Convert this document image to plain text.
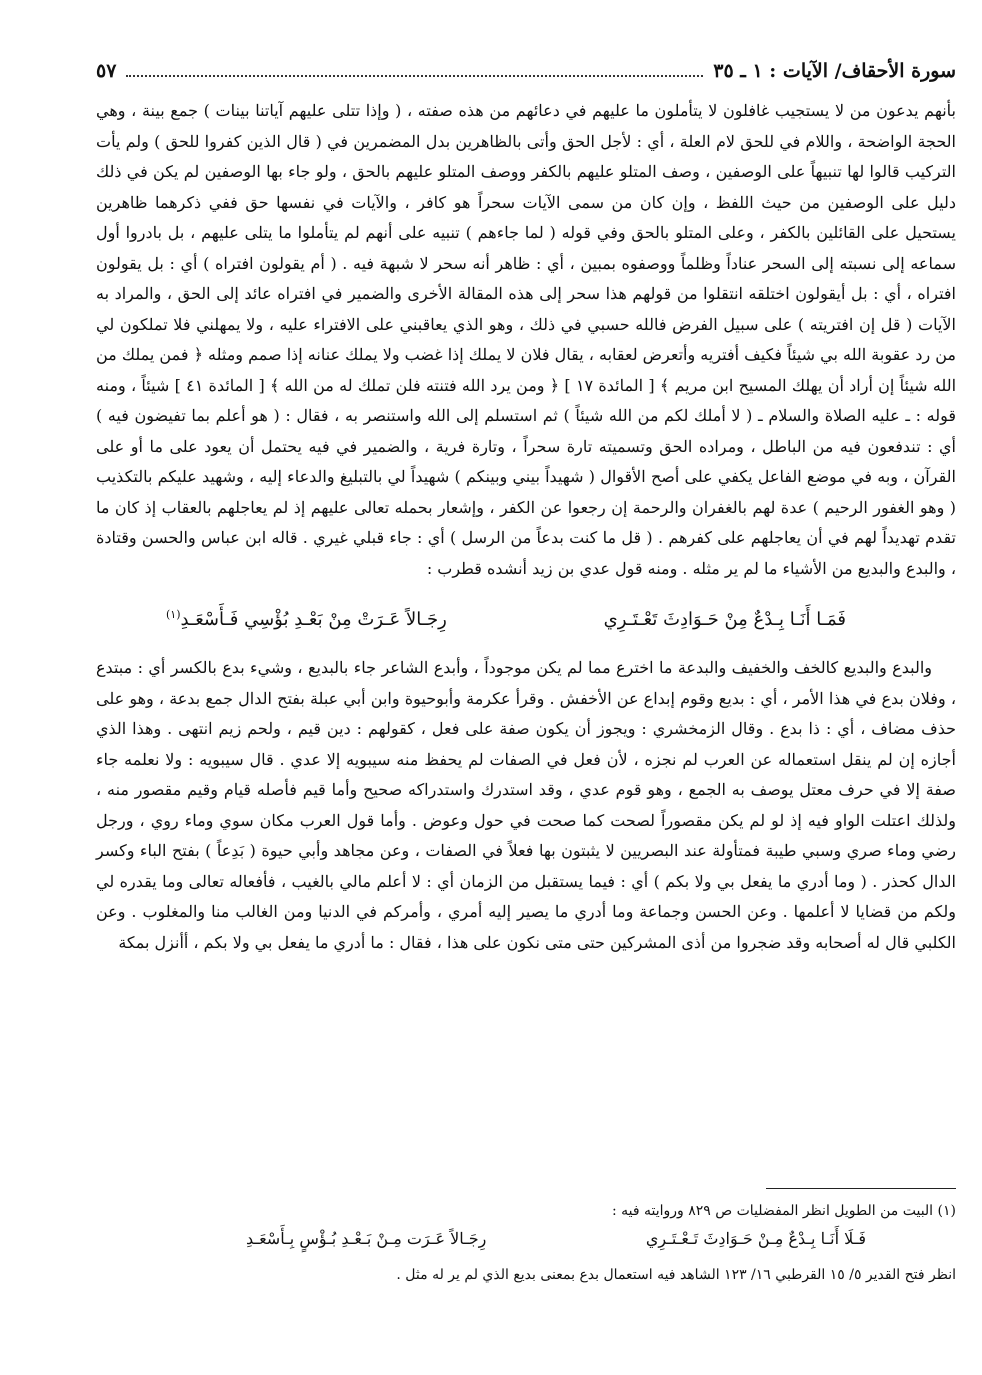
سورة الأحقاف/ الآيات : ١ ـ ٣٥
٥٧

بأنهم يدعون من لا يستجيب غافلون لا يتأملون ما عليهم في دعائهم من هذه صفته ، ( وإذا تتلى عليهم آياتنا بينات ) جمع بينة ، وهي الحجة الواضحة ، واللام في للحق لام العلة ، أي : لأجل الحق وأتى بالظاهرين بدل المضمرين في ( قال الذين كفروا للحق ) ولم يأت التركيب قالوا لها تنبيهاً على الوصفين ، وصف المتلو عليهم بالكفر ووصف المتلو عليهم بالحق ، ولو جاء بها الوصفين لم يكن في ذلك دليل على الوصفين من حيث اللفظ ، وإن كان من سمى الآيات سحراً هو كافر ، والآيات في نفسها حق ففي ذكرهما ظاهرين يستحيل على القائلين بالكفر ، وعلى المتلو بالحق وفي قوله ( لما جاءهم ) تنبيه على أنهم لم يتأملوا ما يتلى عليهم ، بل بادروا أول سماعه إلى نسبته إلى السحر عناداً وظلماً ووصفوه بمبين ، أي : ظاهر أنه سحر لا شبهة فيه . ( أم يقولون افتراه ) أي : بل يقولون افتراه ، أي : بل أيقولون اختلقه انتقلوا من قولهم هذا سحر إلى هذه المقالة الأخرى والضمير في افتراه عائد إلى الحق ، والمراد به الآيات ( قل إن افتريته ) على سبيل الفرض فالله حسبي في ذلك ، وهو الذي يعاقبني على الافتراء عليه ، ولا يمهلني فلا تملكون لي من رد عقوبة الله بي شيئاً فكيف أفتريه وأتعرض لعقابه ، يقال فلان لا يملك إذا غضب ولا يملك عنانه إذا صمم ومثله ﴿ فمن يملك من الله شيئاً إن أراد أن يهلك المسيح ابن مريم ﴾ [ المائدة ١٧ ] ﴿ ومن يرد الله فتنته فلن تملك له من الله ﴾ [ المائدة ٤١ ] شيئاً ، ومنه قوله : ـ عليه الصلاة والسلام ـ ( لا أملك لكم من الله شيئاً ) ثم استسلم إلى الله واستنصر به ، فقال : ( هو أعلم بما تفيضون فيه ) أي : تندفعون فيه من الباطل ، ومراده الحق وتسميته تارة سحراً ، وتارة فرية ، والضمير في فيه يحتمل أن يعود على ما أو على القرآن ، وبه في موضع الفاعل يكفي على أصح الأقوال ( شهيداً بيني وبينكم ) شهيداً لي بالتبليغ والدعاء إليه ، وشهيد عليكم بالتكذيب ( وهو الغفور الرحيم ) عدة لهم بالغفران والرحمة إن رجعوا عن الكفر ، وإشعار بحمله تعالى عليهم إذ لم يعاجلهم بالعقاب إذ كان ما تقدم تهديداً لهم في أن يعاجلهم على كفرهم . ( قل ما كنت بدعاً من الرسل ) أي : جاء قبلي غيري . قاله ابن عباس والحسن وقتادة ، والبدع والبديع من الأشياء ما لم ير مثله . ومنه قول عدي بن زيد أنشده قطرب :

فَمَـا أَنَـا بِـدْعٌ مِنْ حَـوَادِثَ تَعْـتَـرِي
رِجَـالاً عَـرَتْ مِنْ بَعْـدِ بُؤْسِي فَـأَسْعَـدِ$^{(١)}$

والبدع والبديع كالخف والخفيف والبدعة ما اخترع مما لم يكن موجوداً ، وأبدع الشاعر جاء بالبديع ، وشيء بدع بالكسر أي : مبتدع ، وفلان بدع في هذا الأمر ، أي : بديع وقوم إبداع عن الأخفش . وقرأ عكرمة وأبوحيوة وابن أبي عبلة بفتح الدال جمع بدعة ، وهو على حذف مضاف ، أي : ذا بدع . وقال الزمخشري : ويجوز أن يكون صفة على فعل ، كقولهم : دين قيم ، ولحم زيم انتهى . وهذا الذي أجازه إن لم ينقل استعماله عن العرب لم نجزه ، لأن فعل في الصفات لم يحفظ منه سيبويه إلا عدي . قال سيبويه : ولا نعلمه جاء صفة إلا في حرف معتل يوصف به الجمع ، وهو قوم عدي ، وقد استدرك واستدراكه صحيح وأما قيم فأصله قيام وقيم مقصور منه ، ولذلك اعتلت الواو فيه إذ لو لم يكن مقصوراً لصحت كما صحت في حول وعوض . وأما قول العرب مكان سوي وماء روي ، ورجل رضي وماء صري وسبي طيبة فمتأولة عند البصريين لا يثبتون بها فعلاً في الصفات ، وعن مجاهد وأبي حيوة ( بَدِعاً ) بفتح الباء وكسر الدال كحذر . ( وما أدري ما يفعل بي ولا بكم ) أي : فيما يستقبل من الزمان أي : لا أعلم مالي بالغيب ، فأفعاله تعالى وما يقدره لي ولكم من قضايا لا أعلمها . وعن الحسن وجماعة وما أدري ما يصير إليه أمري ، وأمركم في الدنيا ومن الغالب منا والمغلوب . وعن الكلبي قال له أصحابه وقد ضجروا من أذى المشركين حتى متى نكون على هذا ، فقال : ما أدري ما يفعل بي ولا بكم ، أأنزل بمكة

(١) البيت من الطويل انظر المفضليات ص ٨٢٩ وروايته فيه :
فَـلَا أَنَـا بِـدْعٌ مِـنْ حَـوَادِثَ تَـعْـتَـرِي
رِجَـالاً عَـرَت مِـنْ بَـعْـدِ بُـؤْسٍ بِـأَسْعَـدِ
انظر فتح القدير ٥/ ١٥ القرطبي ١٦/ ١٢٣ الشاهد فيه استعمال بدع بمعنى بديع الذي لم ير له مثل .
